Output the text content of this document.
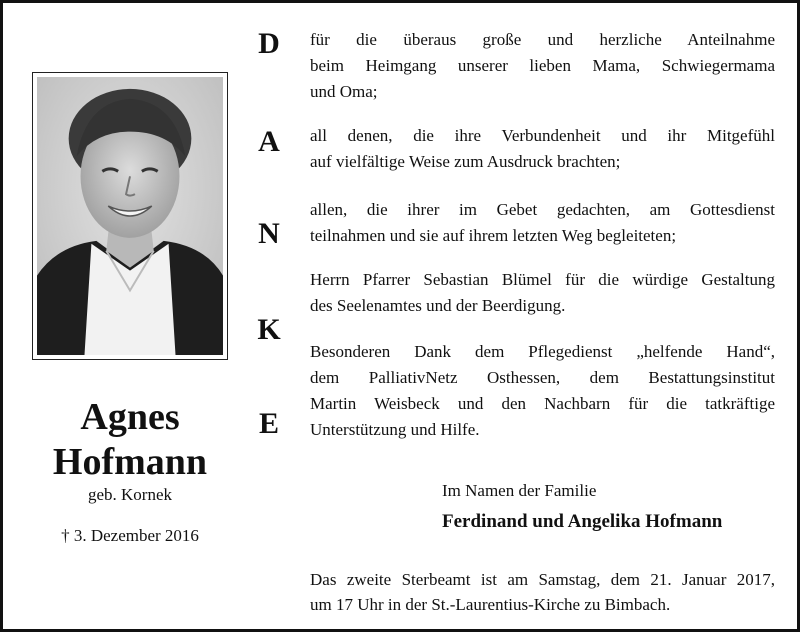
Agnes
Hofmann
geb. Kornek
† 3. Dezember 2016
D
A
N
K
E
für die überaus große und herzliche Anteilnahme
beim Heimgang unserer lieben Mama, Schwiegermama
und Oma;
all denen, die ihre Verbundenheit und ihr Mitgefühl
auf vielfältige Weise zum Ausdruck brachten;
allen, die ihrer im Gebet gedachten, am Gottesdienst
teilnahmen und sie auf ihrem letzten Weg begleiteten;
Herrn Pfarrer Sebastian Blümel für die würdige Gestaltung
des Seelenamtes und der Beerdigung.
Besonderen Dank dem Pflegedienst „helfende Hand“,
dem PalliativNetz Osthessen, dem Bestattungsinstitut
Martin Weisbeck und den Nachbarn für die tatkräftige
Unterstützung und Hilfe.
Im Namen der Familie
Ferdinand und Angelika Hofmann
Das zweite Sterbeamt ist am Samstag, dem 21. Januar 2017,
um 17 Uhr in der St.-Laurentius-Kirche zu Bimbach.
